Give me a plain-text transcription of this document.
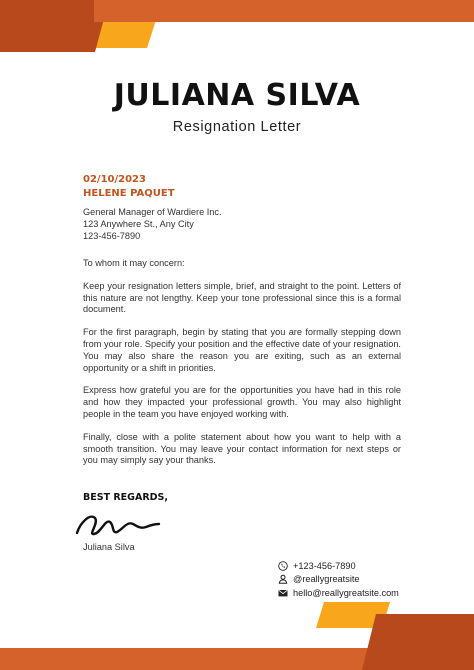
JULIANA SILVA
Resignation Letter
02/10/2023
HELENE PAQUET
General Manager of Wardiere Inc.
123 Anywhere St., Any City
123-456-7890

To whom it may concern:

Keep your resignation letters simple, brief, and straight to the point. Letters of this nature are not lengthy. Keep your tone professional since this is a formal document.

For the first paragraph, begin by stating that you are formally stepping down from your role. Specify your position and the effective date of your resignation. You may also share the reason you are exiting, such as an external opportunity or a shift in priorities.

Express how grateful you are for the opportunities you have had in this role and how they impacted your professional growth. You may also highlight people in the team you have enjoyed working with.

Finally, close with a polite statement about how you want to help with a smooth transition. You may leave your contact information for next steps or you may simply say your thanks.

BEST REGARDS,
Juliana Silva
+123-456-7890
@reallygreatsite
hello@reallygreatsite.com
